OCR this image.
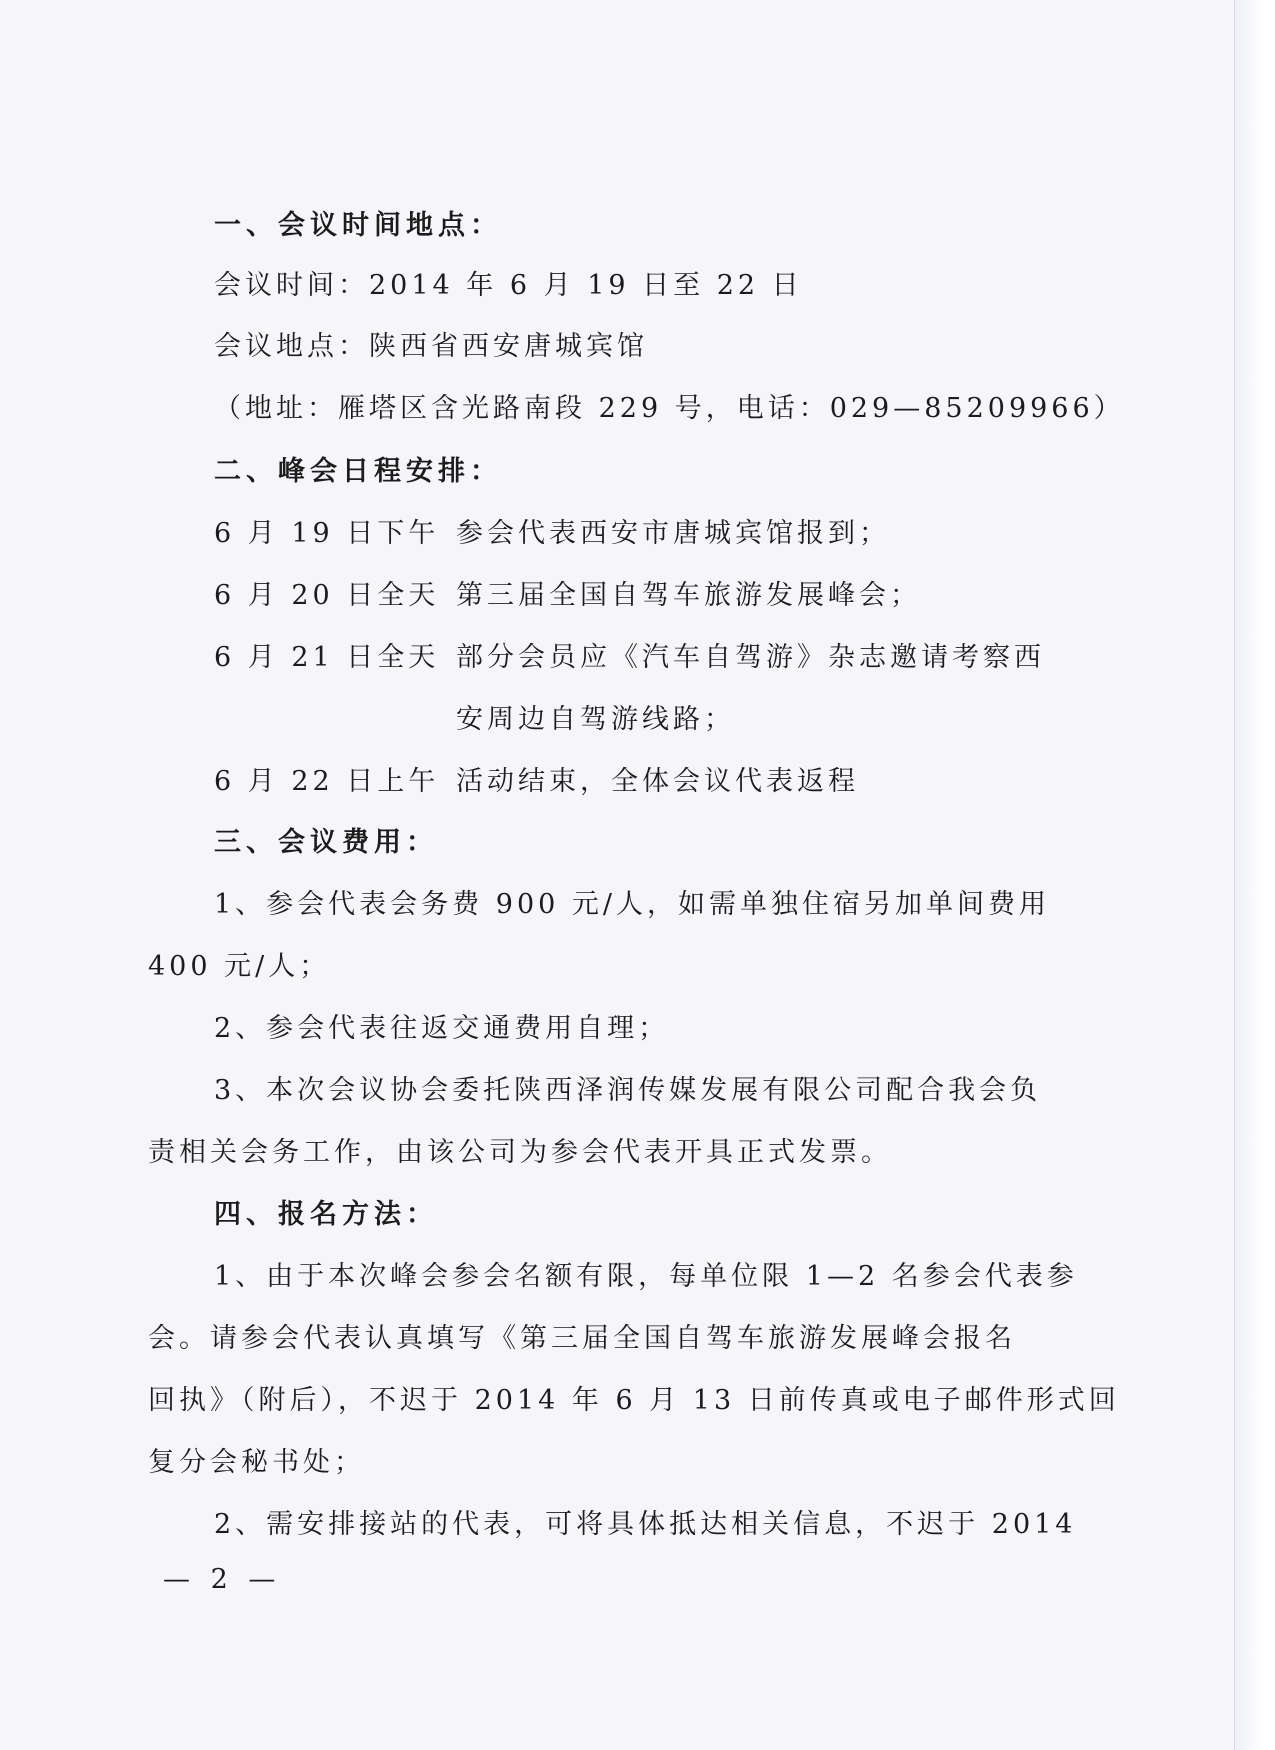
一、会议时间地点：
会议时间：2014 年 6 月 19 日至 22 日
会议地点：陕西省西安唐城宾馆
（地址：雁塔区含光路南段 229 号，电话：029—85209966）
二、峰会日程安排：
6 月 19 日下午 参会代表西安市唐城宾馆报到；
6 月 20 日全天 第三届全国自驾车旅游发展峰会；
6 月 21 日全天 部分会员应《汽车自驾游》杂志邀请考察西
安周边自驾游线路；
6 月 22 日上午 活动结束，全体会议代表返程
三、会议费用：
1、参会代表会务费 900 元/人，如需单独住宿另加单间费用
400 元/人；
2、参会代表往返交通费用自理；
3、本次会议协会委托陕西泽润传媒发展有限公司配合我会负
责相关会务工作，由该公司为参会代表开具正式发票。
四、报名方法：
1、由于本次峰会参会名额有限，每单位限 1—2 名参会代表参
会。请参会代表认真填写《第三届全国自驾车旅游发展峰会报名
回执》（附后），不迟于 2014 年 6 月 13 日前传真或电子邮件形式回
复分会秘书处；
2、需安排接站的代表，可将具体抵达相关信息，不迟于 2014
— 2 —
